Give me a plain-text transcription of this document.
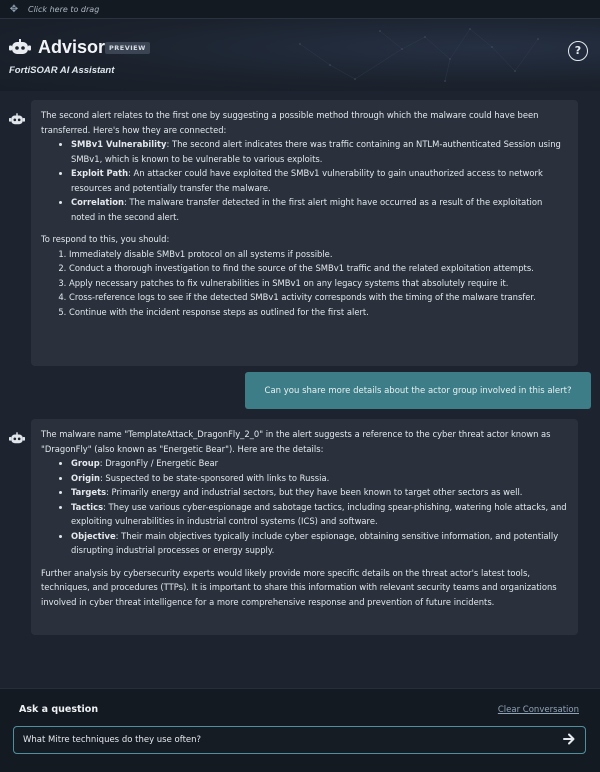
✥ Click here to drag
Advisor PREVIEW
FortiSOAR AI Assistant
?

The second alert relates to the first one by suggesting a possible method through which the malware could have been transferred. Here's how they are connected:

• SMBv1 Vulnerability: The second alert indicates there was traffic containing an NTLM-authenticated Session using SMBv1, which is known to be vulnerable to various exploits.
• Exploit Path: An attacker could have exploited the SMBv1 vulnerability to gain unauthorized access to network resources and potentially transfer the malware.
• Correlation: The malware transfer detected in the first alert might have occurred as a result of the exploitation noted in the second alert.

To respond to this, you should:

1. Immediately disable SMBv1 protocol on all systems if possible.
2. Conduct a thorough investigation to find the source of the SMBv1 traffic and the related exploitation attempts.
3. Apply necessary patches to fix vulnerabilities in SMBv1 on any legacy systems that absolutely require it.
4. Cross-reference logs to see if the detected SMBv1 activity corresponds with the timing of the malware transfer.
5. Continue with the incident response steps as outlined for the first alert.
Can you share more details about the actor group involved in this alert?

The malware name "TemplateAttack_DragonFly_2_0" in the alert suggests a reference to the cyber threat actor known as "DragonFly" (also known as "Energetic Bear"). Here are the details:

• Group: DragonFly / Energetic Bear
• Origin: Suspected to be state-sponsored with links to Russia.
• Targets: Primarily energy and industrial sectors, but they have been known to target other sectors as well.
• Tactics: They use various cyber-espionage and sabotage tactics, including spear-phishing, watering hole attacks, and exploiting vulnerabilities in industrial control systems (ICS) and software.
• Objective: Their main objectives typically include cyber espionage, obtaining sensitive information, and potentially disrupting industrial processes or energy supply.

Further analysis by cybersecurity experts would likely provide more specific details on the threat actor's latest tools, techniques, and procedures (TTPs). It is important to share this information with relevant security teams and organizations involved in cyber threat intelligence for a more comprehensive response and prevention of future incidents.

Ask a question	Clear Conversation
What Mitre techniques do they use often?
